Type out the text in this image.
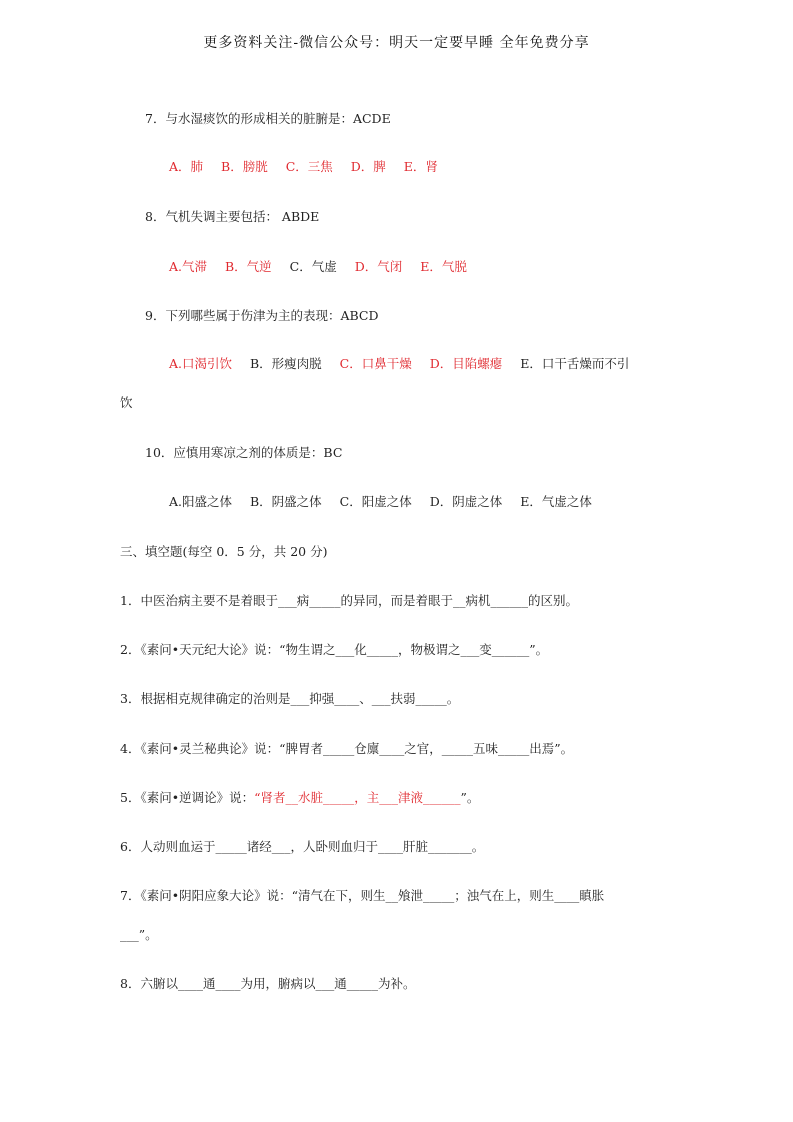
更多资料关注-微信公众号：明天一定要早睡 全年免费分享
7．与水湿痰饮的形成相关的脏腑是：ACDE
A．肺 B．膀胱 C．三焦 D．脾 E．肾
8．气机失调主要包括： ABDE
A.气滞 B．气逆 C．气虚 D．气闭 E．气脱
9．下列哪些属于伤津为主的表现：ABCD
A.口渴引饮 B．形瘦肉脱 C．口鼻干燥 D．目陷螺瘪 E．口干舌燥而不引
饮
10．应慎用寒凉之剂的体质是：BC
A.阳盛之体 B．阴盛之体 C．阳虚之体 D．阴虚之体 E．气虚之体
三、填空题(每空 0．5 分，共 20 分)
1．中医治病主要不是着眼于___病_____的异同，而是着眼于__病机______的区别。
2．《素问•天元纪大论》说：“物生谓之___化_____，物极谓之___变______”。
3．根据相克规律确定的治则是___抑强____、___扶弱_____。
4．《素问•灵兰秘典论》说：“脾胃者_____仓廪____之官，_____五味_____出焉”。
5．《素问•逆调论》说：“肾者__水脏_____，主___津液______”。
6．人动则血运于_____诸经___，人卧则血归于____肝脏_______。
7．《素问•阴阳应象大论》说：“清气在下，则生__飧泄_____；浊气在上，则生____瞋胀
___”。
8．六腑以____通____为用，腑病以___通_____为补。
